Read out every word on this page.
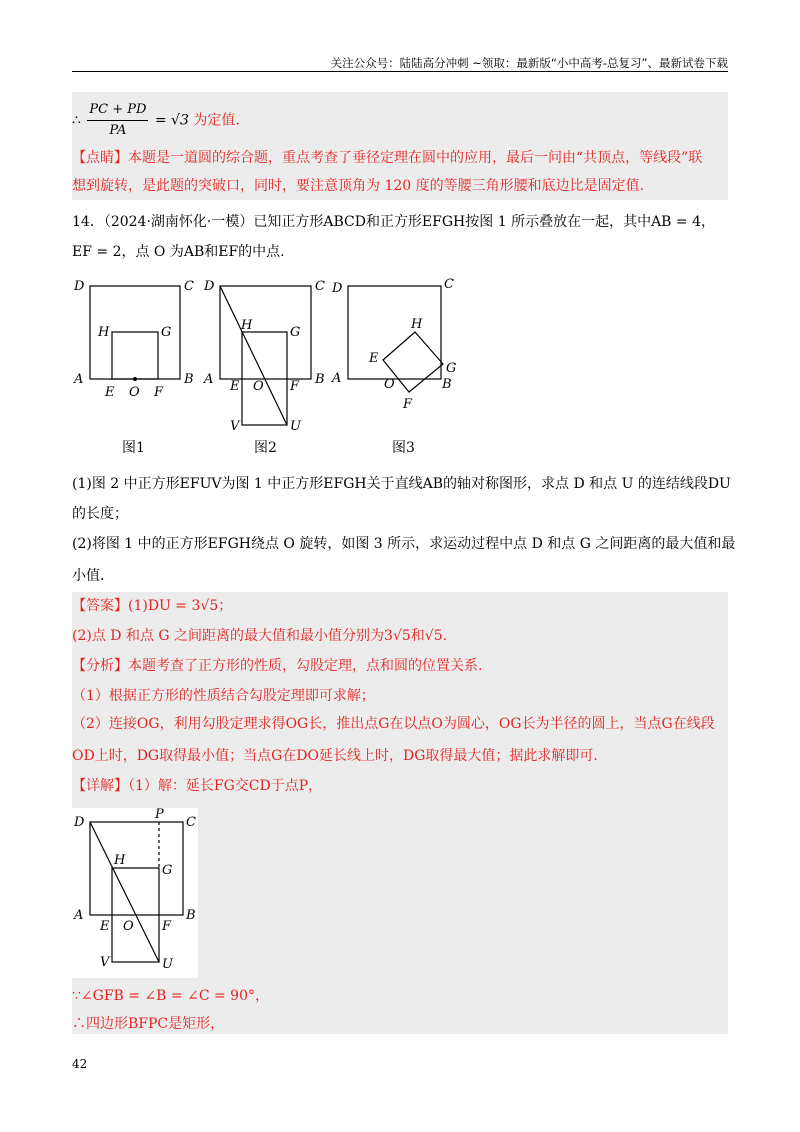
关注公众号：陆陆高分冲刺 ~领取：最新版“小中高考-总复习”、最新试卷下载
∴ $\frac{PC + PD}{PA} = √3$ 为定值.
【点睛】本题是一道圆的综合题，重点考查了垂径定理在圆中的应用，最后一问由“共顶点，等线段”联
想到旋转，是此题的突破口，同时，要注意顶角为 120 度的等腰三角形腰和底边比是固定值.
14．（2024·湖南怀化·一模）已知正方形ABCD和正方形EFGH按图 1 所示叠放在一起，其中AB = 4，
EF = 2，点 O 为AB和EF的中点.
D	C
H	G
A	B
E O F
D	C
H	G
A	B
E O F
V	U
D	C
H
E
G
A	O	B
F
图1	图2	图3
(1)图 2 中正方形EFUV为图 1 中正方形EFGH关于直线AB的轴对称图形，求点 D 和点 U 的连结线段DU
的长度；
(2)将图 1 中的正方形EFGH绕点 O 旋转，如图 3 所示，求运动过程中点 D 和点 G 之间距离的最大值和最
小值.
【答案】(1)DU = 3√5；
(2)点 D 和点 G 之间距离的最大值和最小值分别为3√5和√5.
【分析】本题考查了正方形的性质，勾股定理，点和圆的位置关系.
（1）根据正方形的性质结合勾股定理即可求解；
（2）连接OG，利用勾股定理求得OG长，推出点G在以点O为圆心，OG长为半径的圆上，当点G在线段
OD上时，DG取得最小值；当点G在DO延长线上时，DG取得最大值；据此求解即可.
【详解】（1）解：延长FG交CD于点P，
D
P
C
H
G
A	B
E O F
V	U
∵∠GFB = ∠B = ∠C = 90°，
∴四边形BFPC是矩形，
42
